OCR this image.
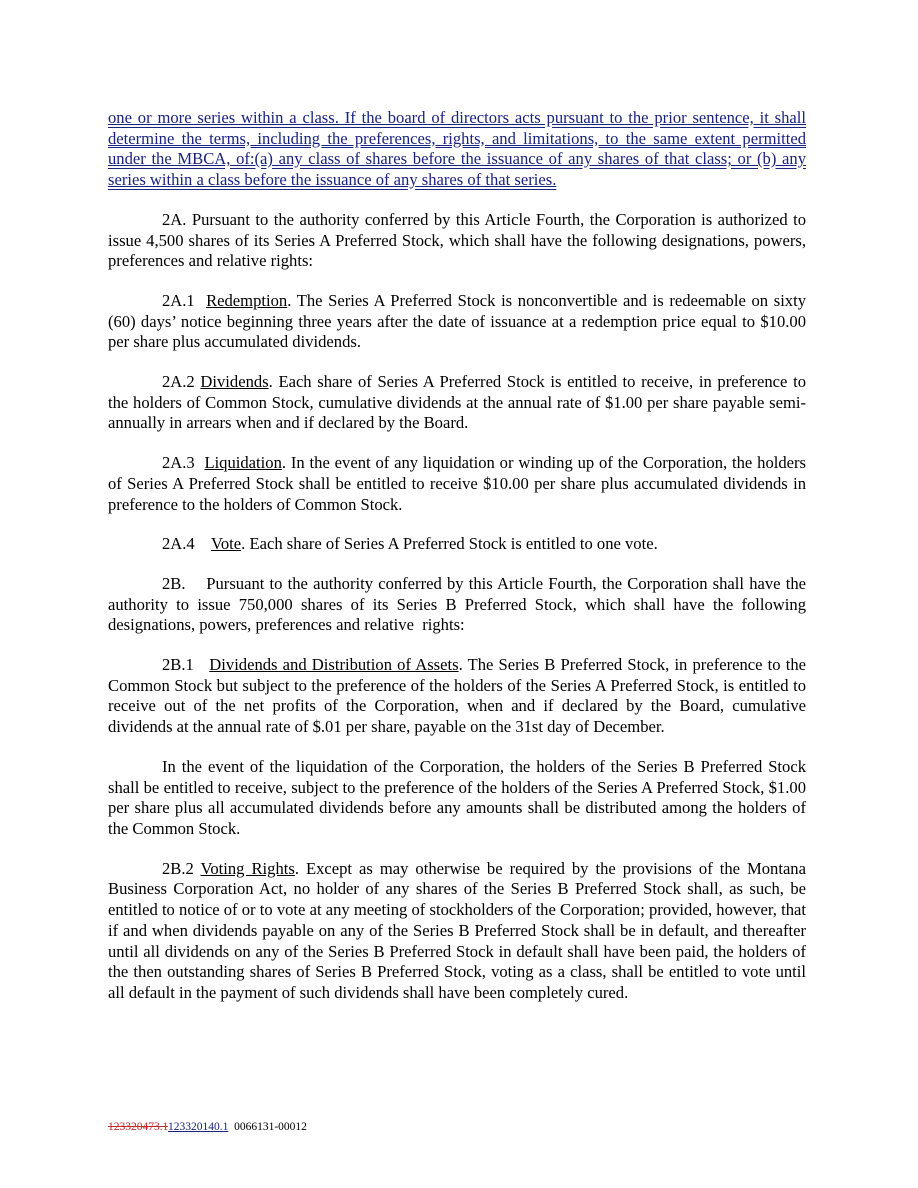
one or more series within a class. If the board of directors acts pursuant to the prior sentence, it shall determine the terms, including the preferences, rights, and limitations, to the same extent permitted under the MBCA, of:(a) any class of shares before the issuance of any shares of that class; or (b) any series within a class before the issuance of any shares of that series.

2A. Pursuant to the authority conferred by this Article Fourth, the Corporation is authorized to issue 4,500 shares of its Series A Preferred Stock, which shall have the following designations, powers, preferences and relative rights:

2A.1 Redemption. The Series A Preferred Stock is nonconvertible and is redeemable on sixty (60) days’ notice beginning three years after the date of issuance at a redemption price equal to $10.00 per share plus accumulated dividends.

2A.2 Dividends. Each share of Series A Preferred Stock is entitled to receive, in preference to the holders of Common Stock, cumulative dividends at the annual rate of $1.00 per share payable semi-annually in arrears when and if declared by the Board.

2A.3 Liquidation. In the event of any liquidation or winding up of the Corporation, the holders of Series A Preferred Stock shall be entitled to receive $10.00 per share plus accumulated dividends in preference to the holders of Common Stock.

2A.4 Vote. Each share of Series A Preferred Stock is entitled to one vote.

2B.    Pursuant to the authority conferred by this Article Fourth, the Corporation shall have the authority to issue 750,000 shares of its Series B Preferred Stock, which shall have the following designations, powers, preferences and relative  rights:

2B.1 Dividends and Distribution of Assets. The Series B Preferred Stock, in preference to the Common Stock but subject to the preference of the holders of the Series A Preferred Stock, is entitled to receive out of the net profits of the Corporation, when and if declared by the Board, cumulative dividends at the annual rate of $.01 per share, payable on the 31st day of December.

In the event of the liquidation of the Corporation, the holders of the Series B Preferred Stock shall be entitled to receive, subject to the preference of the holders of the Series A Preferred Stock, $1.00 per share plus all accumulated dividends before any amounts shall be distributed among the holders of the Common Stock.

2B.2 Voting Rights. Except as may otherwise be required by the provisions of the Montana Business Corporation Act, no holder of any shares of the Series B Preferred Stock shall, as such, be entitled to notice of or to vote at any meeting of stockholders of the Corporation; provided, however, that if and when dividends payable on any of the Series B Preferred Stock shall be in default, and thereafter until all dividends on any of the Series B Preferred Stock in default shall have been paid, the holders of the then outstanding shares of Series B Preferred Stock, voting as a class, shall be entitled to vote until all default in the payment of such dividends shall have been completely cured.

123320473.1123320140.1 0066131-00012
